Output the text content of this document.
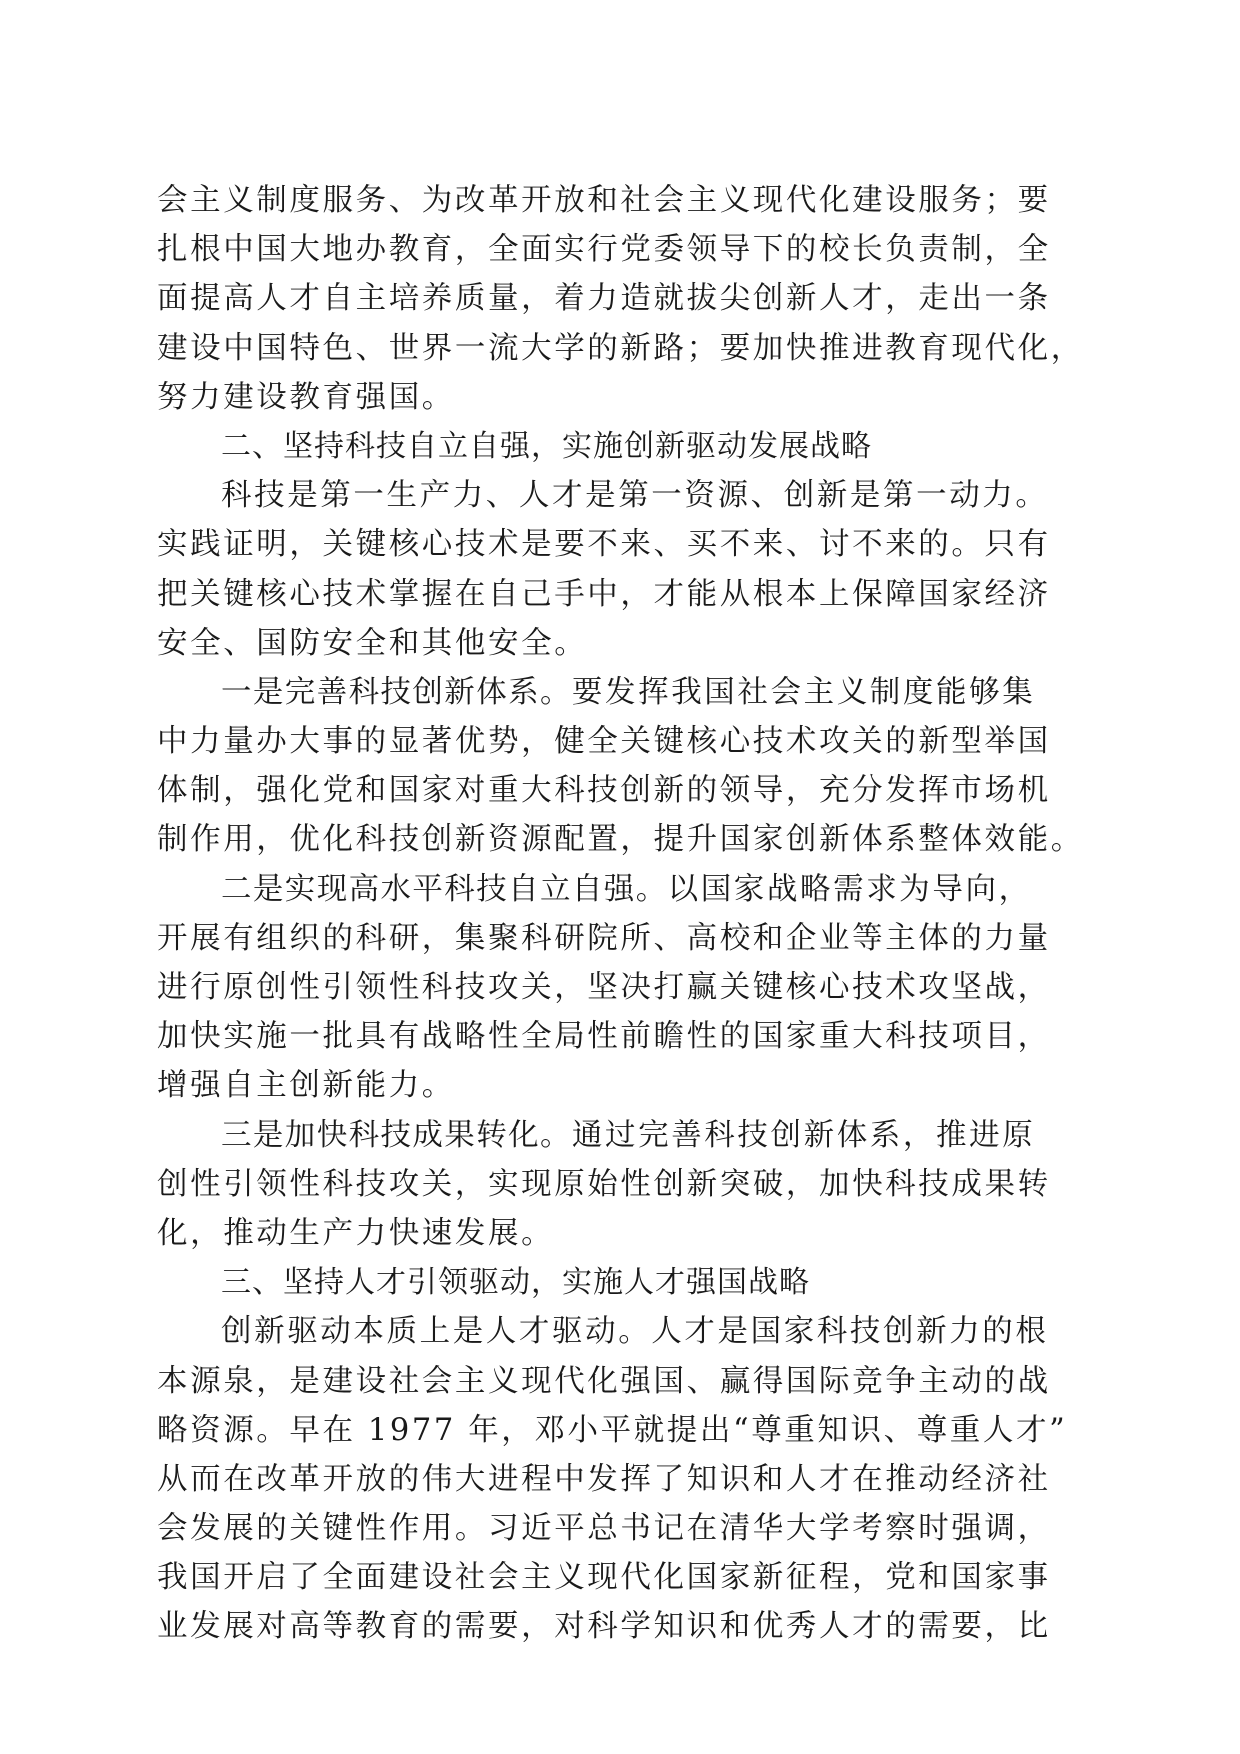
会主义制度服务、为改革开放和社会主义现代化建设服务；要
扎根中国大地办教育，全面实行党委领导下的校长负责制，全
面提高人才自主培养质量，着力造就拔尖创新人才，走出一条
建设中国特色、世界一流大学的新路；要加快推进教育现代化，
努力建设教育强国。
二、坚持科技自立自强，实施创新驱动发展战略
科技是第一生产力、人才是第一资源、创新是第一动力。
实践证明，关键核心技术是要不来、买不来、讨不来的。只有
把关键核心技术掌握在自己手中，才能从根本上保障国家经济
安全、国防安全和其他安全。
一是完善科技创新体系。要发挥我国社会主义制度能够集
中力量办大事的显著优势，健全关键核心技术攻关的新型举国
体制，强化党和国家对重大科技创新的领导，充分发挥市场机
制作用，优化科技创新资源配置，提升国家创新体系整体效能。
二是实现高水平科技自立自强。以国家战略需求为导向，
开展有组织的科研，集聚科研院所、高校和企业等主体的力量
进行原创性引领性科技攻关，坚决打赢关键核心技术攻坚战，
加快实施一批具有战略性全局性前瞻性的国家重大科技项目，
增强自主创新能力。
三是加快科技成果转化。通过完善科技创新体系，推进原
创性引领性科技攻关，实现原始性创新突破，加快科技成果转
化，推动生产力快速发展。
三、坚持人才引领驱动，实施人才强国战略
创新驱动本质上是人才驱动。人才是国家科技创新力的根
本源泉，是建设社会主义现代化强国、赢得国际竞争主动的战
略资源。早在 1977 年，邓小平就提出“尊重知识、尊重人才”
从而在改革开放的伟大进程中发挥了知识和人才在推动经济社
会发展的关键性作用。习近平总书记在清华大学考察时强调，
我国开启了全面建设社会主义现代化国家新征程，党和国家事
业发展对高等教育的需要，对科学知识和优秀人才的需要，比
